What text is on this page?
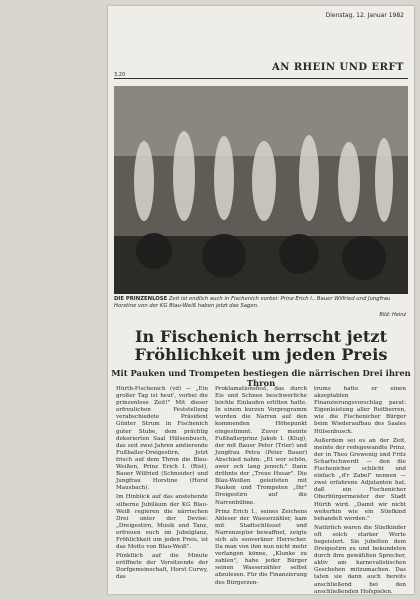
Dienstag, 12. Januar 1982
AN RHEIN UND ERFT
3.20
DIE PRINZENLOSE Zeit ist endlich auch in Fischenich vorbei: Prinz Erich I., Bauer Wilfried und Jungfrau Horstine von der KG Blau-Weiß haben jetzt das Sagen.
Bild: Heinz
In Fischenich herrscht jetzt
Fröhlichkeit um jeden Preis
Mit Pauken und Trompeten bestiegen die närrischen Drei ihren Thron

Hürth-Fischenich (vd) — „Ein großer Tag ist heut', vorbei die prinzenlose Zeit!" Mit dieser erfreulichen Feststellung verabschiedete Präsident Günter Strum in Fischenich guter Stube, dem prächtig dekorierten Saal Hülsenbusch, das seit zwei Jahren amtierende Fußballer-Dreigestirn. Jetzt frisch auf dem Thron die Blau-Weißen, Prinz Erich I. (Rist), Bauer Wilfried (Schneider) und Jungfrau Horstine (Horst Mausbach).

Im Hinblick auf das anstehende silberne Jubiläum der KG Blau-Weiß regieren die närrischen Drei unter der Devise: „Dreigestirn, Musik und Tanz, erfreuen euch im Jubelglanz, Fröhlichkeit um jeden Preis, ist das Motto von Blau-Weiß".

Pünktlich auf die Minute eröffnete der Vorsitzende der Dorfgemeinschaft, Horst Curwy, das

Proklamationsfest, das durch Eis und Schnee beschwerliche leichte Einlaufen erlitten hatte. In einem kurzen Vorprogramm wurden die Narren auf den kommenden Höhepunkt eingestimmt. Zuvor meinte Fußballerprinz Jakob I. (Klug), der mit Bauer Peter (Trier) und Jungfrau Petra (Peter Bauer) Abschied nahm: „Et wor schön, awer och lang jenoch." Dann dröhnte der „Treue Husar". Die Blau-Weißen geleiteten mit Pauken und Trompeten „Ihr" Dreigestirn auf die Narrenbühne.

Prinz Erich I., seines Zeichens Ableser der Wasserzähler, kam mit Stadtschlüssel und Narrenzepter bewaffnet, zeigte sich als souveräner Herrscher. Da man von ihm nun nicht mehr verlangen könne, „Klunke zu zahlen", habe jeder Bürger seinen Wasserzähler selbst abzulesen. Für die Finanzierung des Bürgerzen-

trums hatte er einen akzeptablen Finanzierungsvorschlag parat: Eigenleistung aller Reitberren, wie die Fischenicher Bürger beim Wiederaufbau des Saales Hülsenbusch.

Außerdem sei es an der Zeit, meinte der redegewandte Prinz, der in Theo Grewenig und Fritz Scharfschwerdt — den die Fischenicher schlicht und einfach „d'r Zabel" nennen — zwei erfahrene Adjutanten hat, daß ein Fischenicher Oberbürgermeister der Stadt Hürth wird. „Damit wir nicht weiterhin wie ein Stiefkind behandelt werden."

Natürlich waren die Stiefkinder oft solch starker Worte begeistert. Sie jubelten dem Dreigestirn zu und bekundeten durch ihre gewählten Sprecher, aktiv am karnevalistischen Geschehen mitzumachen. Das taten sie dann auch bereits anschließend bei den anschließenden Hofspielen.
